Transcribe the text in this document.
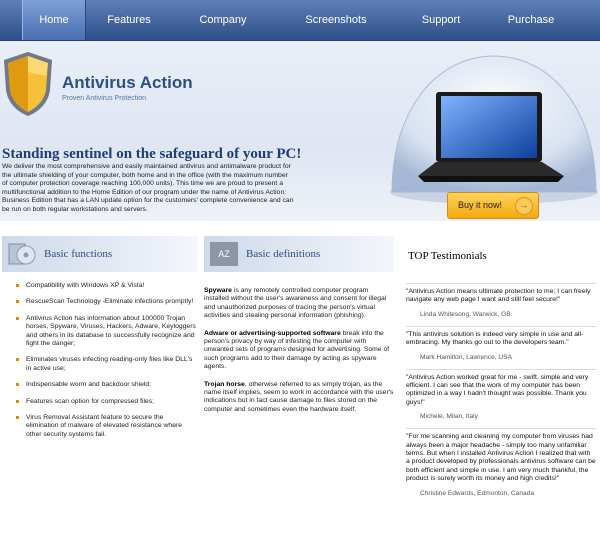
Home	Features	Company	Screenshots	Support	Purchase
Antivirus Action
Proven Antivirus Protection
Standing sentinel on the safeguard of your PC!
We deliver the most comprehensive and easily maintained antivirus and antimalware product for the ultimate shielding of your computer, both home and in the office (with the maximum number of computer protection coverage reaching 100,000 units). This time we are proud to present a multifunctional addition to the Home Edition of our program under the name of Antivirus Action: Business Edition that has a LAN update option for the customers' complete convenience and can be run on both regular workstations and servers.	Buy it now!	→
Basic functions
Compatibility with Windows XP & Vista!
RescueScan Technology -Eliminate infections promptly!
Antivirus Action has information about 100000 Trojan horses, Spyware, Viruses, Hackers, Adware, Keyloggers and others in its database to successfully recognize and fight the danger;
Eliminates viruses infecting reading-only files like DLL's in active use;
Indispensable worm and backdoor shield;
Features scan option for compressed files;
Virus Removal Assistant feature to secure the elimination of malware of elevated resistance where other security systems fail.
AZ	Basic definitions
Spyware is any remotely controlled computer program installed without the user's awareness and consent for illegal and unauthorized purposes of tracing the person's virtual activities and stealing personal information (phishing).
Adware or advertising-supported software break into the person's privacy by way of infesting the computer with unwanted sets of programs designed for advertising. Some of such programs add to their damage by acting as spyware agents.
Trojan horse, otherwise referred to as simply trojan, as the name itself implies, seem to work in accordance with the user's indications but in fact cause damage to files stored on the computer and sometimes even the hardware itself.
TOP Testimonials
"Antivirus Action means ultimate protection to me; I can freely navigate any web page I want and still feel secure!"
Linda Whitesong, Warwick, GB
"This antivirus solution is indeed very simple in use and all-embracing. My thanks go out to the developers team."
Mark Hamilton, Lawrence, USA
"Antivirus Action worked great for me - swift, simple and very efficient. I can see that the work of my computer has been optimized in a way I hadn't thought was possible. Thank you guys!"
Michele, Milan, Italy
"For me scanning and cleaning my computer from viruses had always been a major headache - simply too many unfamiliar terms. But when I installed Antivirus Action I realized that with a product developed by professionals antivirus software can be both efficient and simple in use. I am very much thankful, the product is surely worth its money and high credits!"
Christine Edwards, Edmonton, Canada
